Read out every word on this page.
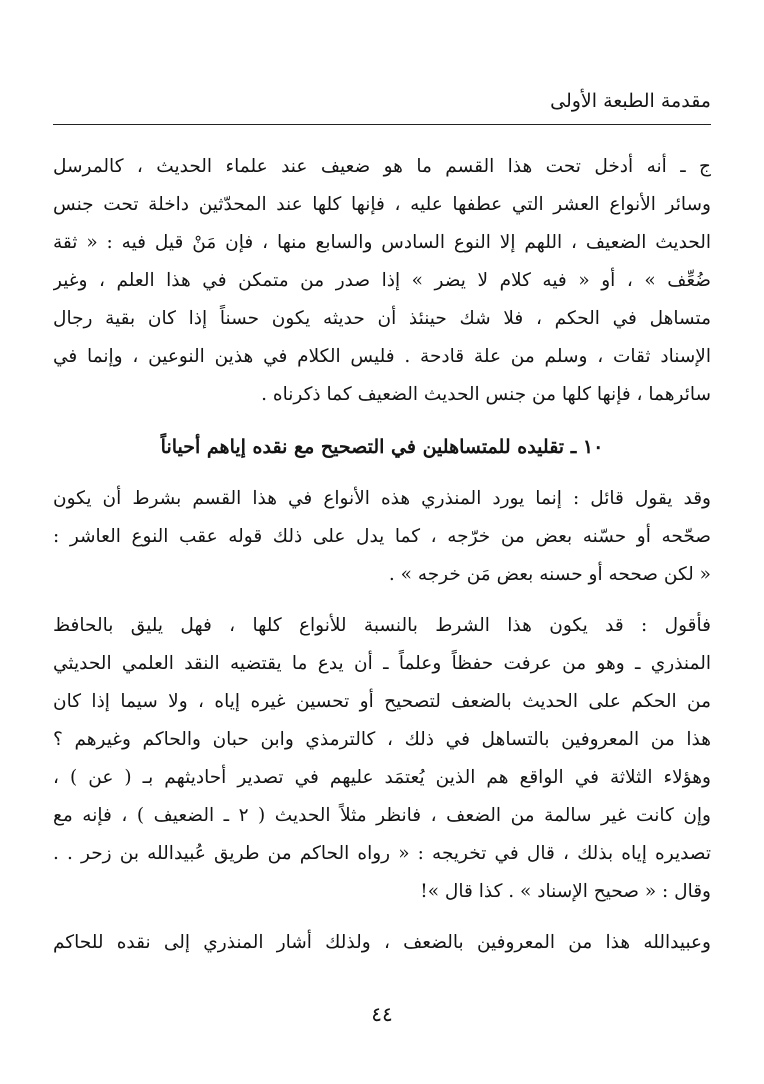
مقدمة الطبعة الأولى
ج ـ أنه أدخل تحت هذا القسم ما هو ضعيف عند علماء الحديث ، كالمرسل
وسائر الأنواع العشر التي عطفها عليه ، فإنها كلها عند المحدّثين داخلة تحت جنس
الحديث الضعيف ، اللهم إلا النوع السادس والسابع منها ، فإن مَنْ قيل فيه : « ثقة
ضُعِّف » ، أو « فيه كلام لا يضر » إذا صدر من متمكن في هذا العلم ، وغير
متساهل في الحكم ، فلا شك حينئذ أن حديثه يكون حسناً إذا كان بقية رجال
الإسناد ثقات ، وسلم من علة قادحة . فليس الكلام في هذين النوعين ، وإنما في
سائرهما ، فإنها كلها من جنس الحديث الضعيف كما ذكرناه .
١٠ ـ تقليده للمتساهلين في التصحيح مع نقده إياهم أحياناً
وقد يقول قائل : إنما يورد المنذري هذه الأنواع في هذا القسم بشرط أن يكون
صحّحه أو حسّنه بعض من خرّجه ، كما يدل على ذلك قوله عقب النوع العاشر :
« لكن صححه أو حسنه بعض مَن خرجه » .
فأقول : قد يكون هذا الشرط بالنسبة للأنواع كلها ، فهل يليق بالحافظ
المنذري ـ وهو من عرفت حفظاً وعلماً ـ أن يدع ما يقتضيه النقد العلمي الحديثي
من الحكم على الحديث بالضعف لتصحيح أو تحسين غيره إياه ، ولا سيما إذا كان
هذا من المعروفين بالتساهل في ذلك ، كالترمذي وابن حبان والحاكم وغيرهم ؟
وهؤلاء الثلاثة في الواقع هم الذين يُعتمَد عليهم في تصدير أحاديثهم بـ ( عن ) ،
وإن كانت غير سالمة من الضعف ، فانظر مثلاً الحديث ( ٢ ـ الضعيف ) ، فإنه مع
تصديره إياه بذلك ، قال في تخريجه : « رواه الحاكم من طريق عُبيدالله بن زحر . .
وقال : « صحيح الإسناد » . كذا قال »!
وعبيدالله هذا من المعروفين بالضعف ، ولذلك أشار المنذري إلى نقده للحاكم
٤٤
